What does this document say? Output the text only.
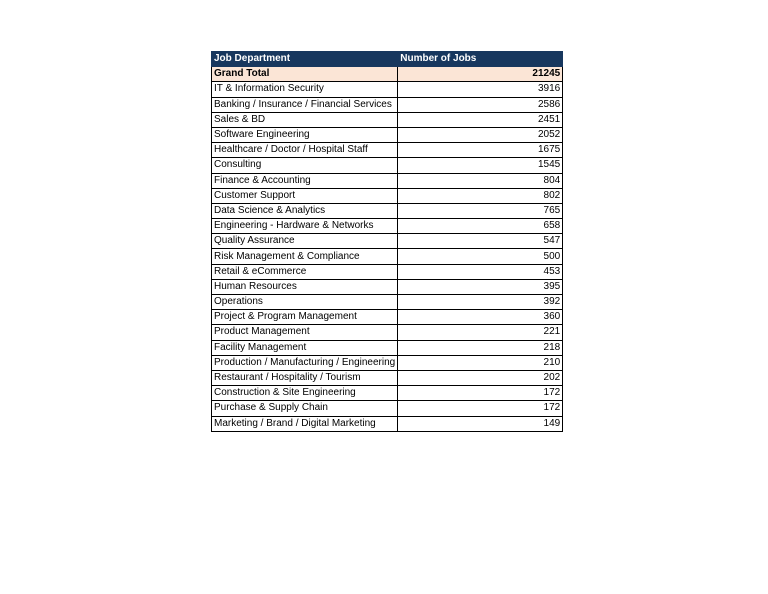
Job Department	Number of Jobs
Grand Total	21245
IT & Information Security	3916
Banking / Insurance / Financial Services	2586
Sales & BD	2451
Software Engineering	2052
Healthcare / Doctor / Hospital Staff	1675
Consulting	1545
Finance & Accounting	804
Customer Support	802
Data Science & Analytics	765
Engineering - Hardware & Networks	658
Quality Assurance	547
Risk Management & Compliance	500
Retail & eCommerce	453
Human Resources	395
Operations	392
Project & Program Management	360
Product Management	221
Facility Management	218
Production / Manufacturing / Engineering	210
Restaurant / Hospitality / Tourism	202
Construction & Site Engineering	172
Purchase & Supply Chain	172
Marketing / Brand / Digital Marketing	149
